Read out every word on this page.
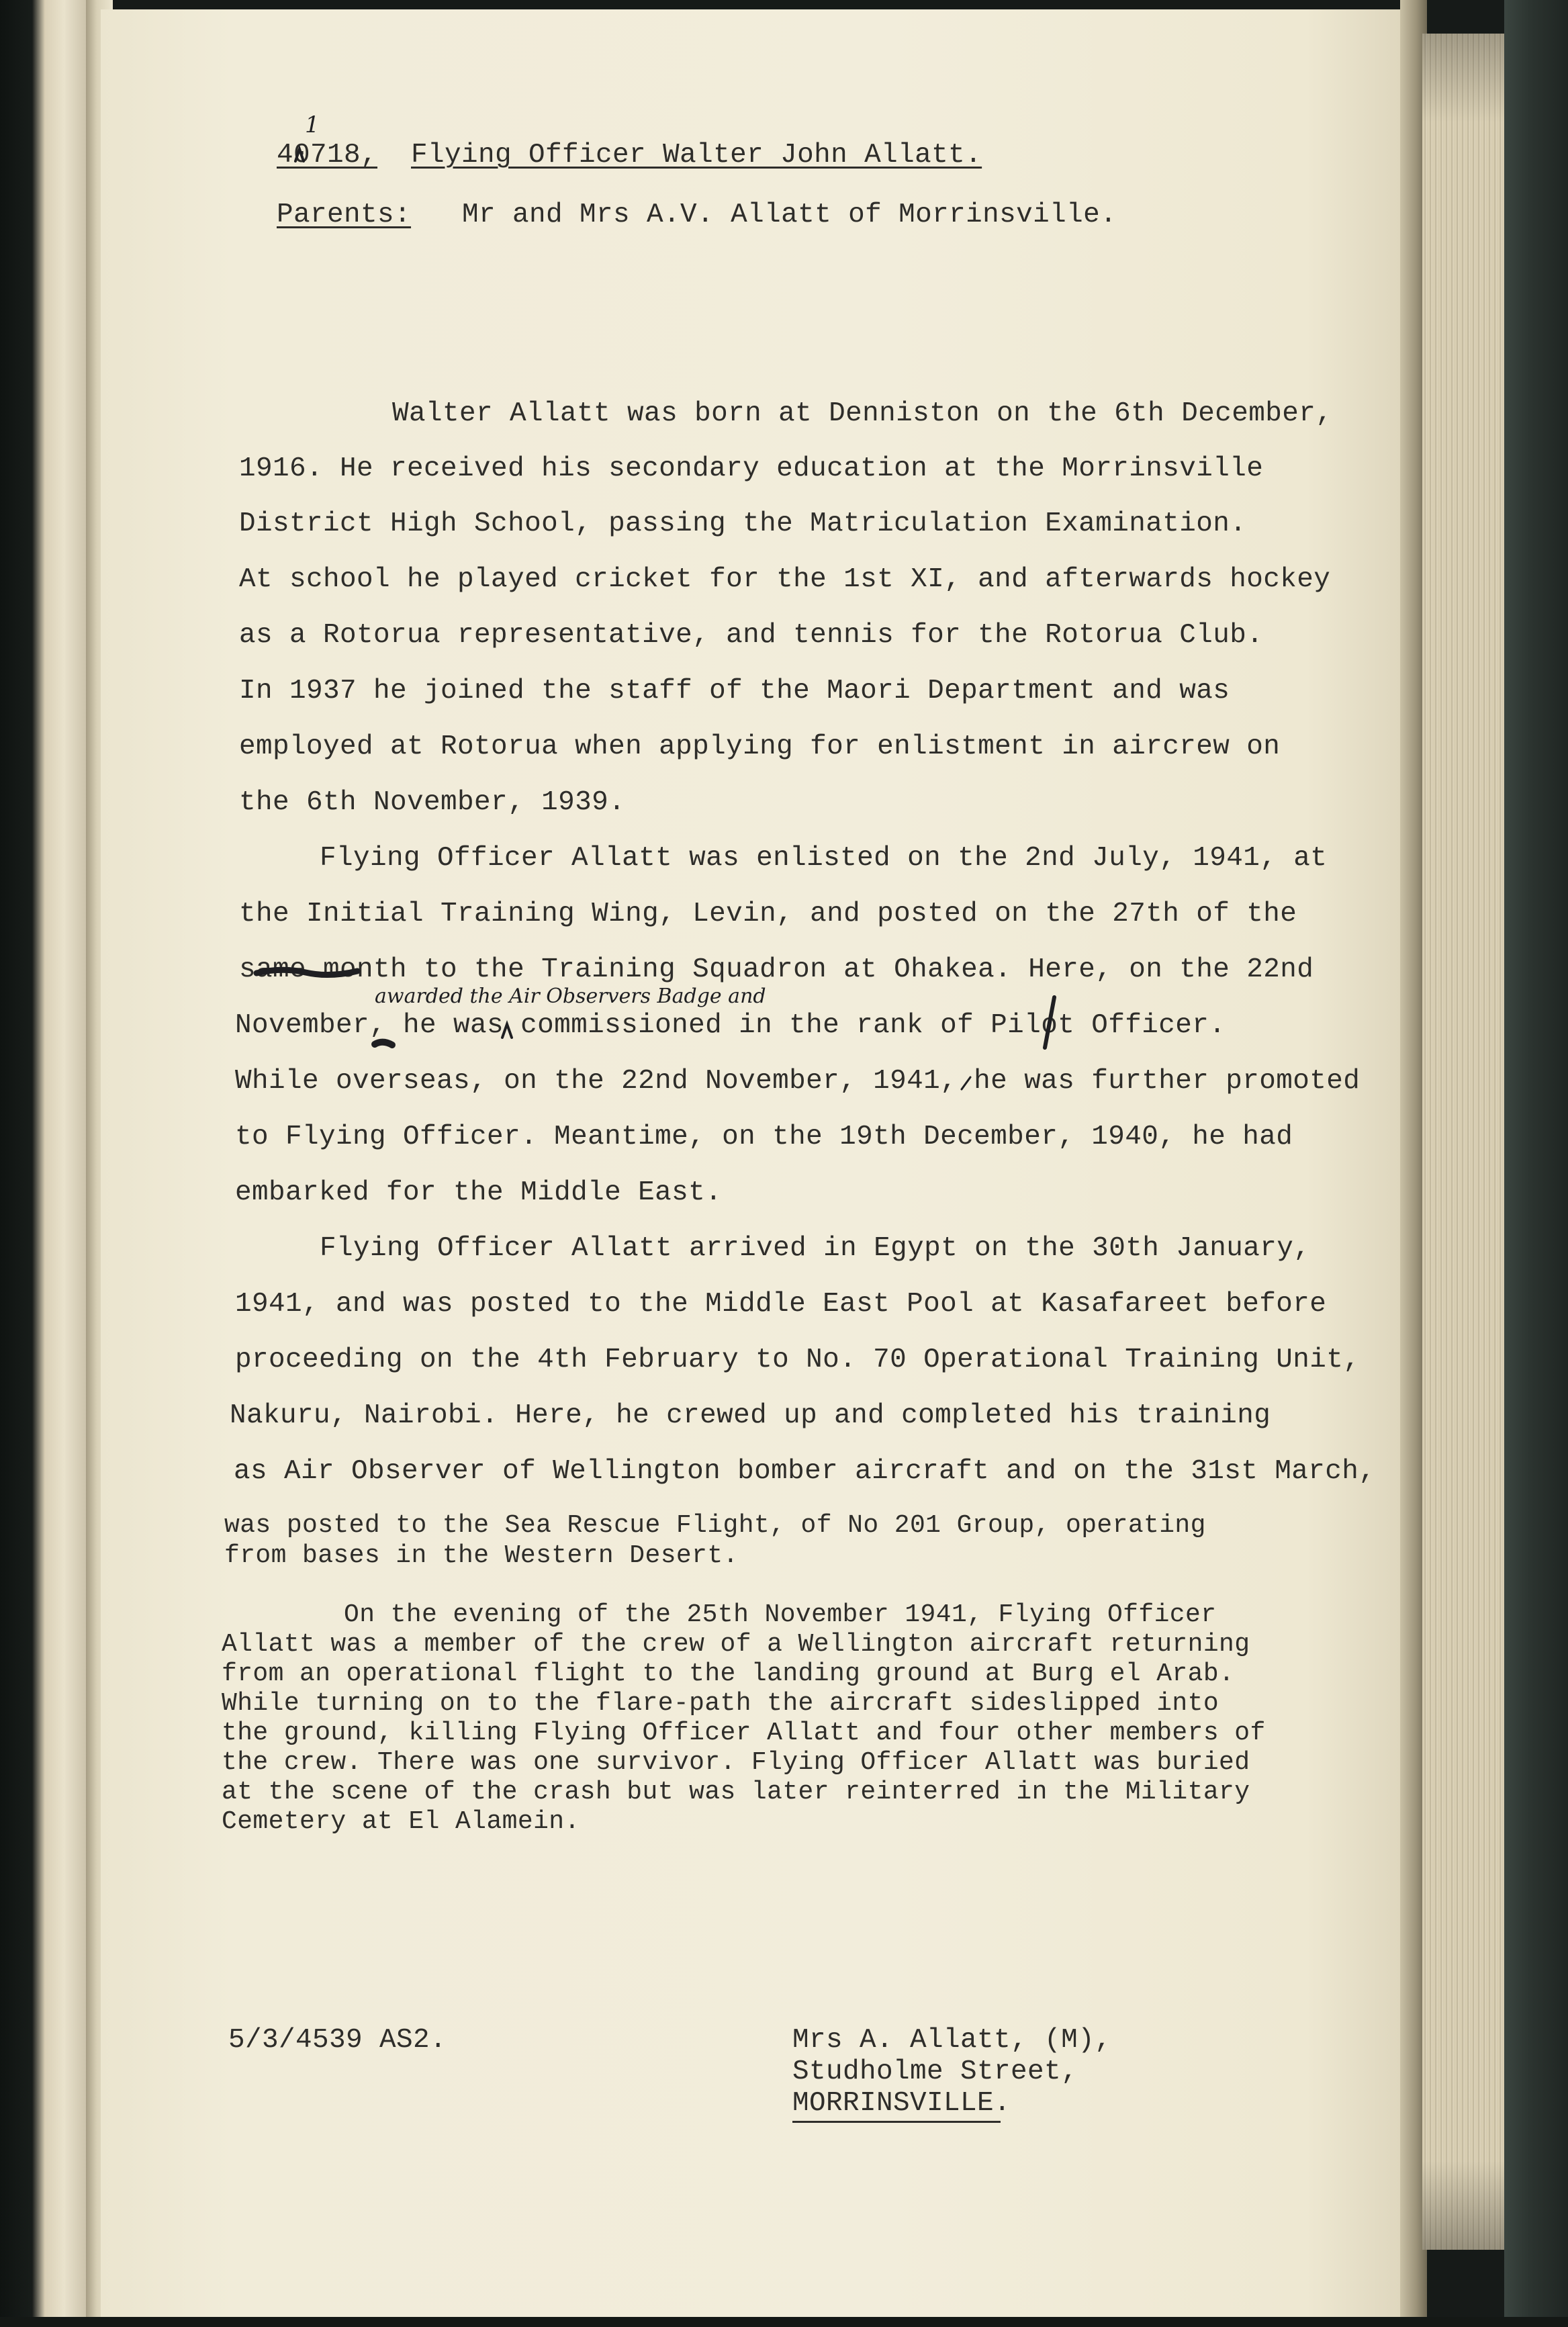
40718,
1
Flying Officer Walter John Allatt.
Parents: Mr and Mrs A.V. Allatt of Morrinsville.
Walter Allatt was born at Denniston on the 6th December,
1916. He received his secondary education at the Morrinsville
District High School, passing the Matriculation Examination.
At school he played cricket for the 1st XI, and afterwards hockey
as a Rotorua representative, and tennis for the Rotorua Club.
In 1937 he joined the staff of the Maori Department and was
employed at Rotorua when applying for enlistment in aircrew on
the 6th November, 1939.
Flying Officer Allatt was enlisted on the 2nd July, 1941, at
the Initial Training Wing, Levin, and posted on the 27th of the
same month to the Training Squadron at Ohakea. Here, on the 22nd
awarded the Air Observers Badge and
November, he was commissioned in the rank of Pilot Officer.
While overseas, on the 22nd November, 1941, he was further promoted
to Flying Officer. Meantime, on the 19th December, 1940, he had
embarked for the Middle East.
Flying Officer Allatt arrived in Egypt on the 30th January,
1941, and was posted to the Middle East Pool at Kasafareet before
proceeding on the 4th February to No. 70 Operational Training Unit,
Nakuru, Nairobi. Here, he crewed up and completed his training
as Air Observer of Wellington bomber aircraft and on the 31st March,
was posted to the Sea Rescue Flight, of No 201 Group, operating
from bases in the Western Desert.
On the evening of the 25th November 1941, Flying Officer
Allatt was a member of the crew of a Wellington aircraft returning
from an operational flight to the landing ground at Burg el Arab.
While turning on to the flare-path the aircraft sideslipped into
the ground, killing Flying Officer Allatt and four other members of
the crew. There was one survivor. Flying Officer Allatt was buried
at the scene of the crash but was later reinterred in the Military
Cemetery at El Alamein.
5/3/4539 AS2.	Mrs A. Allatt, (M),
Studholme Street,
MORRINSVILLE.
